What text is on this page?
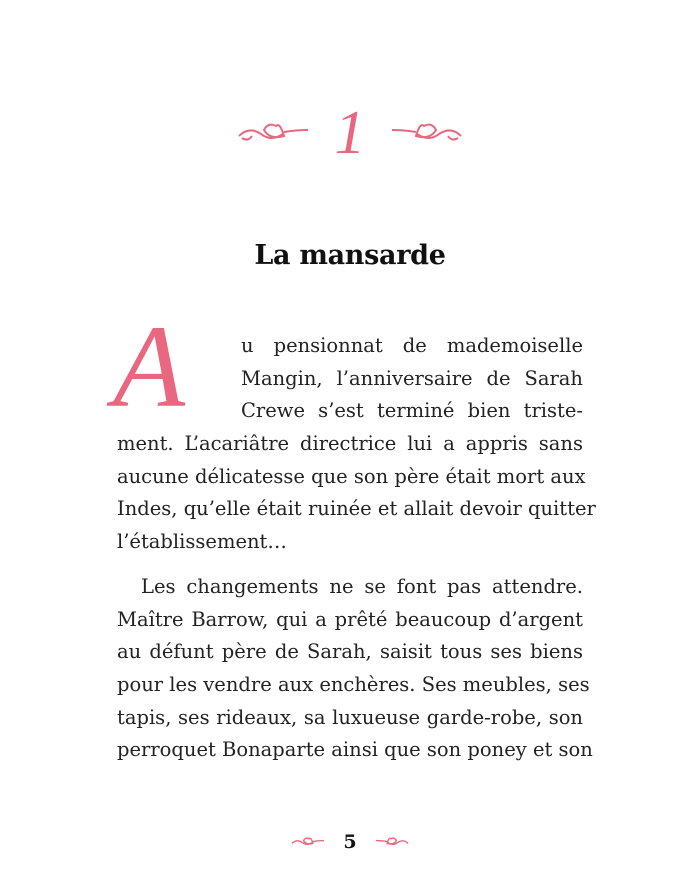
1
La mansarde
A	u pensionnat de mademoiselle
Mangin, l’anniversaire de Sarah
Crewe s’est terminé bien triste-
ment. L’acariâtre directrice lui a appris sans
aucune délicatesse que son père était mort aux
Indes, qu’elle était ruinée et allait devoir quitter
l’établissement…
Les changements ne se font pas attendre.
Maître Barrow, qui a prêté beaucoup d’argent
au défunt père de Sarah, saisit tous ses biens
pour les vendre aux enchères. Ses meubles, ses
tapis, ses rideaux, sa luxueuse garde-robe, son
perroquet Bonaparte ainsi que son poney et son
5
